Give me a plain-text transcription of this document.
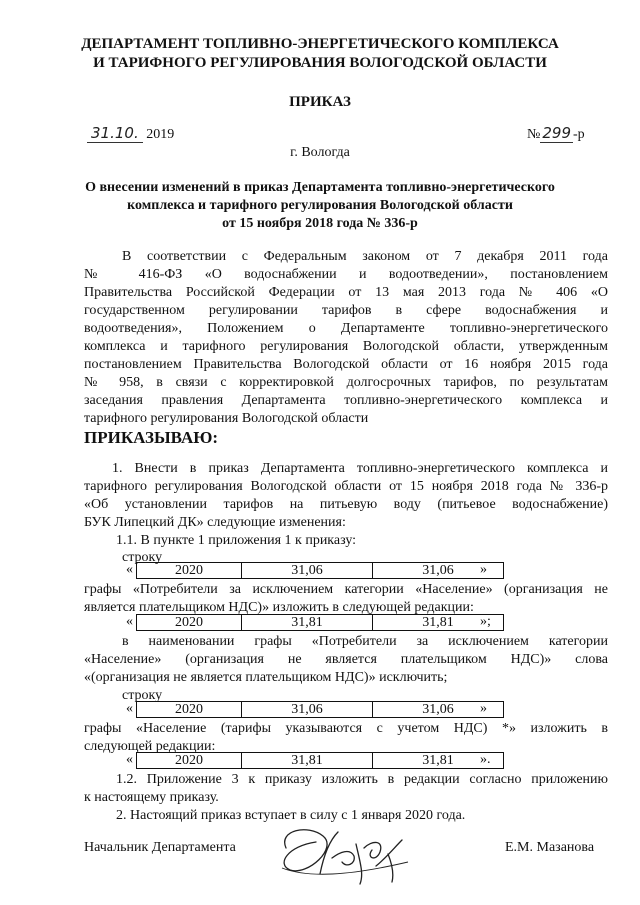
ДЕПАРТАМЕНТ ТОПЛИВНО-ЭНЕРГЕТИЧЕСКОГО КОМПЛЕКСА
И ТАРИФНОГО РЕГУЛИРОВАНИЯ ВОЛОГОДСКОЙ ОБЛАСТИ
ПРИКАЗ
31.10. 2019	№ 299 -р
г. Вологда
О внесении изменений в приказ Департамента топливно-энергетического
комплекса и тарифного регулирования Вологодской области
от 15 ноября 2018 года № 336-р
В соответствии с Федеральным законом от 7 декабря 2011 года
№ 416-ФЗ «О водоснабжении и водоотведении», постановлением
Правительства Российской Федерации от 13 мая 2013 года № 406 «О
государственном регулировании тарифов в сфере водоснабжения и
водоотведения», Положением о Департаменте топливно-энергетического
комплекса и тарифного регулирования Вологодской области, утвержденным
постановлением Правительства Вологодской области от 16 ноября 2015 года
№ 958, в связи с корректировкой долгосрочных тарифов, по результатам
заседания правления Департамента топливно-энергетического комплекса и
тарифного регулирования Вологодской области
ПРИКАЗЫВАЮ:
1. Внести в приказ Департамента топливно-энергетического комплекса и
тарифного регулирования Вологодской области от 15 ноября 2018 года № 336-р
«Об установлении тарифов на питьевую воду (питьевое водоснабжение)
БУК Липецкий ДК» следующие изменения:
1.1. В пункте 1 приложения 1 к приказу:
строку
«	2020	31,06	31,06 »
графы «Потребители за исключением категории «Население» (организация не
является плательщиком НДС)» изложить в следующей редакции:
«	2020	31,81	31,81 »;
в наименовании графы «Потребители за исключением категории
«Население» (организация не является плательщиком НДС)» слова
«(организация не является плательщиком НДС)» исключить;
строку
«	2020	31,06	31,06 »
графы «Население (тарифы указываются с учетом НДС) *» изложить в
следующей редакции:
«	2020	31,81	31,81 ».
1.2. Приложение 3 к приказу изложить в редакции согласно приложению
к настоящему приказу.
2. Настоящий приказ вступает в силу с 1 января 2020 года.
Начальник Департамента	Е.М. Мазанова
